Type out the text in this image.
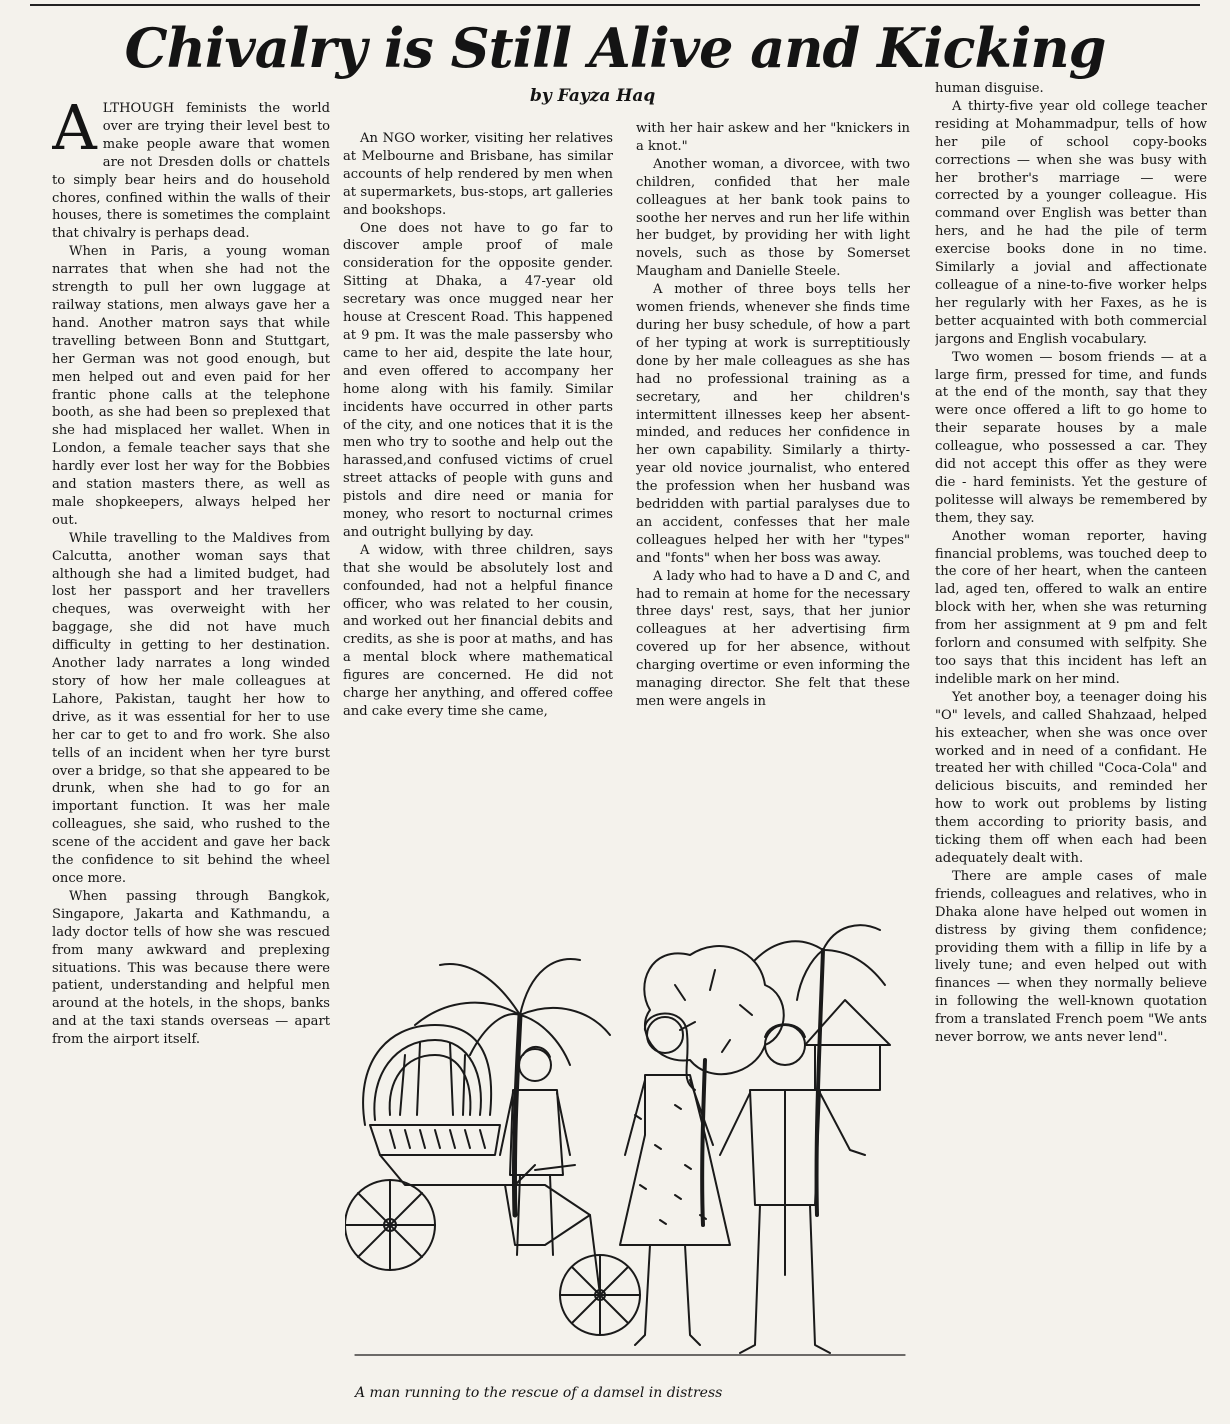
Chivalry is Still Alive and Kicking
by Fayza Haq

ALTHOUGH feminists the world over are trying their level best to make people aware that women are not Dresden dolls or chattels to simply bear heirs and do household chores, confined within the walls of their houses, there is sometimes the complaint that chivalry is perhaps dead.

When in Paris, a young woman narrates that when she had not the strength to pull her own luggage at railway stations, men always gave her a hand. Another matron says that while travelling between Bonn and Stuttgart, her German was not good enough, but men helped out and even paid for her frantic phone calls at the telephone booth, as she had been so preplexed that she had misplaced her wallet. When in London, a female teacher says that she hardly ever lost her way for the Bobbies and station masters there, as well as male shopkeepers, always helped her out.

While travelling to the Maldives from Calcutta, another woman says that although she had a limited budget, had lost her passport and her travellers cheques, was overweight with her baggage, she did not have much difficulty in getting to her destination. Another lady narrates a long winded story of how her male colleagues at Lahore, Pakistan, taught her how to drive, as it was essential for her to use her car to get to and fro work. She also tells of an incident when her tyre burst over a bridge, so that she appeared to be drunk, when she had to go for an important function. It was her male colleagues, she said, who rushed to the scene of the accident and gave her back the confidence to sit behind the wheel once more.

When passing through Bangkok, Singapore, Jakarta and Kathmandu, a lady doctor tells of how she was rescued from many awkward and preplexing situations. This was because there were patient, understanding and helpful men around at the hotels, in the shops, banks and at the taxi stands overseas — apart from the airport itself.

An NGO worker, visiting her relatives at Melbourne and Brisbane, has similar accounts of help rendered by men when at supermarkets, bus-stops, art galleries and bookshops.

One does not have to go far to discover ample proof of male consideration for the opposite gender. Sitting at Dhaka, a 47-year old secretary was once mugged near her house at Crescent Road. This happened at 9 pm. It was the male passersby who came to her aid, despite the late hour, and even offered to accompany her home along with his family. Similar incidents have occurred in other parts of the city, and one notices that it is the men who try to soothe and help out the harassed,and confused victims of cruel street attacks of people with guns and pistols and dire need or mania for money, who resort to nocturnal crimes and outright bullying by day.

A widow, with three children, says that she would be absolutely lost and confounded, had not a helpful finance officer, who was related to her cousin, and worked out her financial debits and credits, as she is poor at maths, and has a mental block where mathematical figures are concerned. He did not charge her anything, and offered coffee and cake every time she came,

with her hair askew and her "knickers in a knot."

Another woman, a divorcee, with two children, confided that her male colleagues at her bank took pains to soothe her nerves and run her life within her budget, by providing her with light novels, such as those by Somerset Maugham and Danielle Steele.

A mother of three boys tells her women friends, whenever she finds time during her busy schedule, of how a part of her typing at work is surreptitiously done by her male colleagues as she has had no professional training as a secretary, and her children's intermittent illnesses keep her absent-minded, and reduces her confidence in her own capability. Similarly a thirty-year old novice journalist, who entered the profession when her husband was bedridden with partial paralyses due to an accident, confesses that her male colleagues helped her with her "types" and "fonts" when her boss was away.

A lady who had to have a D and C, and had to remain at home for the necessary three days' rest, says, that her junior colleagues at her advertising firm covered up for her absence, without charging overtime or even informing the managing director. She felt that these men were angels in

human disguise.

A thirty-five year old college teacher residing at Mohammadpur, tells of how her pile of school copy-books corrections — when she was busy with her brother's marriage — were corrected by a younger colleague. His command over English was better than hers, and he had the pile of term exercise books done in no time. Similarly a jovial and affectionate colleague of a nine-to-five worker helps her regularly with her Faxes, as he is better acquainted with both commercial jargons and English vocabulary.

Two women — bosom friends — at a large firm, pressed for time, and funds at the end of the month, say that they were once offered a lift to go home to their separate houses by a male colleague, who possessed a car. They did not accept this offer as they were die - hard feminists. Yet the gesture of politesse will always be remembered by them, they say.

Another woman reporter, having financial problems, was touched deep to the core of her heart, when the canteen lad, aged ten, offered to walk an entire block with her, when she was returning from her assignment at 9 pm and felt forlorn and consumed with selfpity. She too says that this incident has left an indelible mark on her mind.

Yet another boy, a teenager doing his "O" levels, and called Shahzaad, helped his exteacher, when she was once over worked and in need of a confidant. He treated her with chilled "Coca-Cola" and delicious biscuits, and reminded her how to work out problems by listing them according to priority basis, and ticking them off when each had been adequately dealt with.

There are ample cases of male friends, colleagues and relatives, who in Dhaka alone have helped out women in distress by giving them confidence; providing them with a fillip in life by a lively tune; and even helped out with finances — when they normally believe in following the well-known quotation from a translated French poem "We ants never borrow, we ants never lend".

A man running to the rescue of a damsel in distress
